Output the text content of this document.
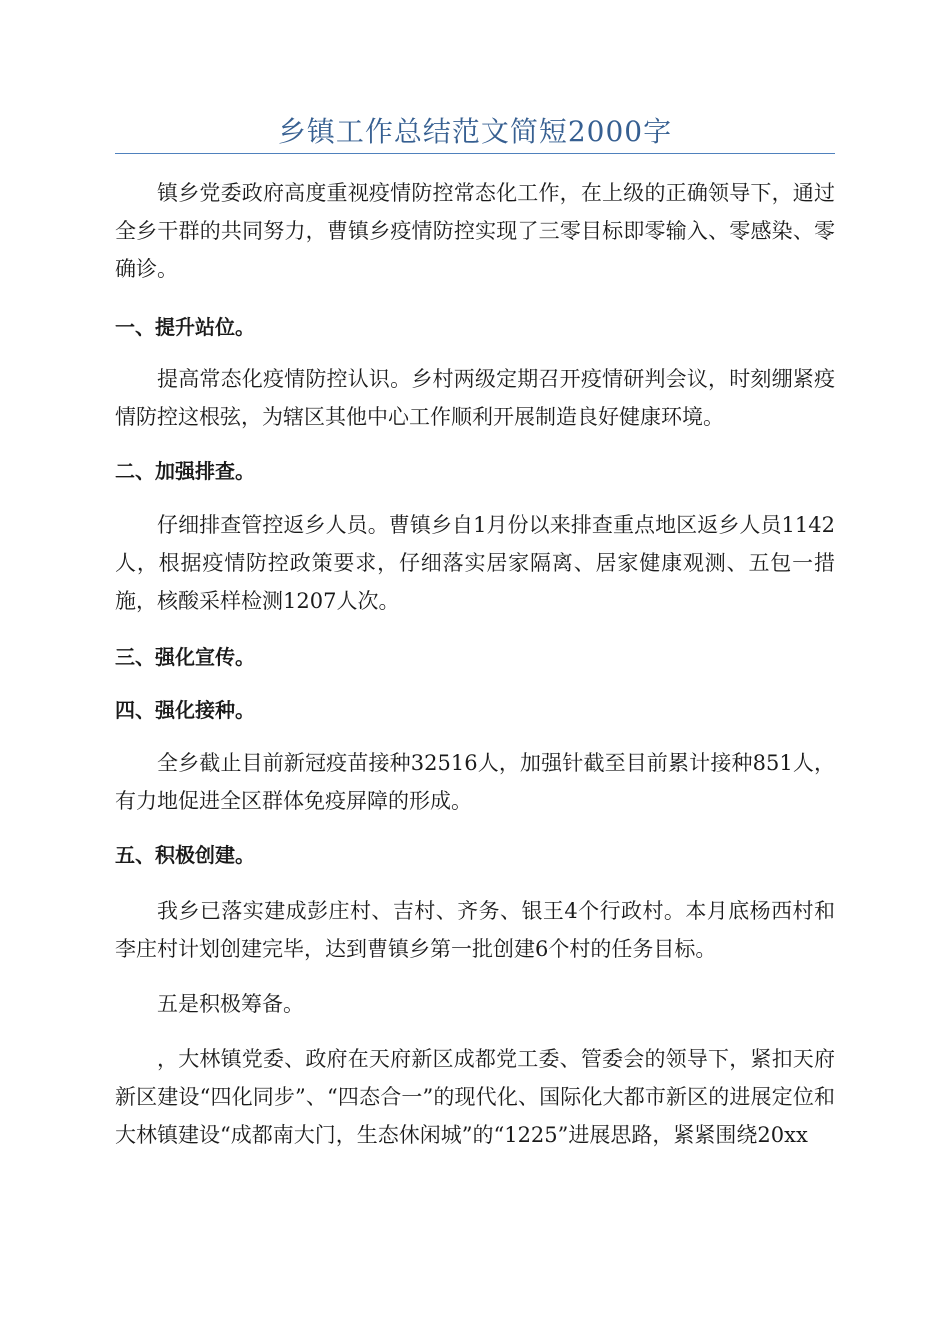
乡镇工作总结范文简短2000字

镇乡党委政府高度重视疫情防控常态化工作，在上级的正确领导下，通过全乡干群的共同努力，曹镇乡疫情防控实现了三零目标即零输入、零感染、零确诊。

一、提升站位。

提高常态化疫情防控认识。乡村两级定期召开疫情研判会议，时刻绷紧疫情防控这根弦，为辖区其他中心工作顺利开展制造良好健康环境。

二、加强排查。

仔细排查管控返乡人员。曹镇乡自1月份以来排查重点地区返乡人员1142人，根据疫情防控政策要求，仔细落实居家隔离、居家健康观测、五包一措施，核酸采样检测1207人次。

三、强化宣传。

四、强化接种。

全乡截止目前新冠疫苗接种32516人，加强针截至目前累计接种851人，有力地促进全区群体免疫屏障的形成。

五、积极创建。

我乡已落实建成彭庄村、吉村、齐务、银王4个行政村。本月底杨西村和李庄村计划创建完毕，达到曹镇乡第一批创建6个村的任务目标。

五是积极筹备。

，大林镇党委、政府在天府新区成都党工委、管委会的领导下，紧扣天府新区建设“四化同步”、“四态合一”的现代化、国际化大都市新区的进展定位和大林镇建设“成都南大门，生态休闲城”的“1225”进展思路，紧紧围绕20xx
